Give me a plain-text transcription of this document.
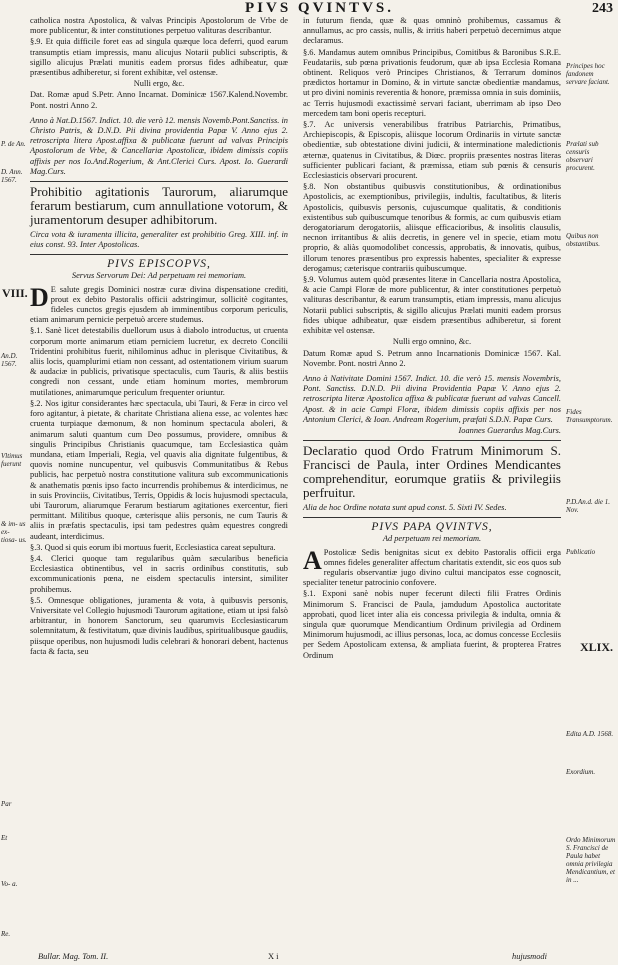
PIVS QVINTVS.	243

catholica nostra Apostolica, & valvas Principis Apostolorum de Vrbe de more publicentur, & inter constitutiones perpetuo valituras describantur.

§.9. Et quia difficile foret eas ad singula quæque loca deferri, quod earum transumptis etiam impressis, manu alicujus Notarii publici subscriptis, & sigillo alicujus Prælati munitis eadem prorsus fides adhibeatur, quæ præsentibus adhiberetur, si forent exhibitæ, vel ostensæ.

Nulli ergo, &c.

Dat. Romæ apud S.Petr. Anno Incarnat. Dominicæ 1567.Kalend.Novembr. Pont. nostri Anno 2.

Anno à Nat.D.1567. Indict. 10. die verò 12. mensis Novemb.Pont.Sanctiss. in Christo Patris, & D.N.D. Pii divina providentia Papæ V. Anno ejus 2. retroscripta litera Apost.affixa & publicatæ fuerunt ad valvas Principis Apostolorum de Vrbe, & Cancellariæ Apostolicæ, ibidem dimissis copiis affixis per nos Io.And.Rogerium, & Ant.Clerici Curs. Apost. Io. Guerardi Mag.Curs.

Prohibitio agitationis Taurorum, aliarumque ferarum bestiarum, cum annullatione votorum, & juramentorum desuper adhibitorum.

Circa vota & iuramenta illicita, generaliter est prohibitio Greg. XIII. inf. in eius const. 93. Inter Apostolicas.

PIVS EPISCOPVS,

Servus Servorum Dei: Ad perpetuam rei memoriam.

D E salute gregis Dominici nostræ curæ divina dispensatione crediti, prout ex debito Pastoralis officii adstringimur, sollicitè cogitantes, fideles cunctos gregis ejusdem ab imminentibus corporum periculis, etiam animarum pernicie perpetuò arcere studemus.

§.1. Sanè licet detestabilis duellorum usus à diabolo introductus, ut cruenta corporum morte animarum etiam perniciem lucretur, ex decreto Concilii Tridentini prohibitus fuerit, nihilominus adhuc in plerisque Civitatibus, & aliis locis, quamplurimi etiam non cessant, ad ostentationem virium suarum & audaciæ in publicis, privatisque spectaculis, cum Tauris, & aliis bestiis congredi non cessant, unde etiam hominum mortes, membrorum mutilationes, animarumque periculum frequenter oriuntur.

§.2. Nos igitur considerantes hæc spectacula, ubi Tauri, & Feræ in circo vel foro agitantur, à pietate, & charitate Christiana aliena esse, ac volentes hæc cruenta turpiaque dæmonum, & non hominum spectacula aboleri, & animarum saluti quantum cum Deo possumus, providere, omnibus & singulis Principibus Christianis quacumque, tam Ecclesiastica quàm mundana, etiam Imperiali, Regia, vel quavis alia dignitate fulgentibus, & quovis nomine nuncupentur, vel quibusvis Communitatibus & Rebus publicis, hac perpetuò nostra constitutione valitura sub excommunicationis & anathematis pœnis ipso facto incurrendis prohibemus & interdicimus, ne in suis Provinciis, Civitatibus, Terris, Oppidis & locis hujusmodi spectacula, ubi Taurorum, aliarumque Ferarum bestiarum agitationes exercentur, fieri permittant. Militibus quoque, cæterisque aliis personis, ne cum Tauris & aliis in præfatis spectaculis, ipsi tam pedestres quàm equestres congredi audeant, interdicimus.

§.3. Quod si quis eorum ibi mortuus fuerit, Ecclesiastica careat sepultura.

§.4. Clerici quoque tam regularibus quàm sæcularibus beneficia Ecclesiastica obtinentibus, vel in sacris ordinibus constitutis, sub excommunicationis pœna, ne eisdem spectaculis intersint, similiter prohibemus.

§.5. Omnesque obligationes, juramenta & vota, à quibusvis personis, Vniversitate vel Collegio hujusmodi Taurorum agitatione, etiam ut ipsi falsò arbitrantur, in honorem Sanctorum, seu quarumvis Ecclesiasticarum solemnitatum, & festivitatum, quæ divinis laudibus, spiritualibusque gaudiis, piisque operibus, non hujusmodi ludis celebrari & honorari debent, hactenus facta & facta, seu

VIII.
Bullar. Mag. Tom. II.	X i

in futurum fienda, quæ & quas omninò prohibemus, cassamus & annullamus, ac pro cassis, nullis, & irritis haberi perpetuò decernimus atque declaramus.

§.6. Mandamus autem omnibus Principibus, Comitibus & Baronibus S.R.E. Feudatariis, sub pœna privationis feudorum, quæ ab ipsa Ecclesia Romana obtinent. Reliquos verò Principes Christianos, & Terrarum dominos prædictos hortamur in Domino, & in virtute sanctæ obedientiæ mandamus, ut pro divini nominis reverentia & honore, præmissa omnia in suis dominiis, ac Terris hujusmodi exactissimè servari faciant, uberrimam ab ipso Deo mercedem tam boni operis recepturi.

§.7. Ac universis venerabilibus fratribus Patriarchis, Primatibus, Archiepiscopis, & Episcopis, aliisque locorum Ordinariis in virtute sanctæ obedientiæ, sub obtestatione divini judicii, & interminatione maledictionis æternæ, quatenus in Civitatibus, & Diœc. propriis præsentes nostras literas sufficienter publicari faciant, & præmissa, etiam sub pœnis & censuris Ecclesiasticis observari procurent.

§.8. Non obstantibus quibusvis constitutionibus, & ordinationibus Apostolicis, ac exemptionibus, privilegiis, indultis, facultatibus, & literis Apostolicis, quibusvis personis, cujuscumque qualitatis, & conditionis existentibus sub quibuscumque tenoribus & formis, ac cum quibusvis etiam derogatoriarum derogatoriis, aliisque efficacioribus, & insolitis clausulis, necnon irritantibus & aliis decretis, in genere vel in specie, etiam motu proprio, & aliàs quomodolibet concessis, approbatis, & innovatis, quibus, illorum tenores præsentibus pro expressis habentes, specialiter & expresse derogamus; cæterisque contrariis quibuscumque.

§.9. Volumus autem quòd præsentes literæ in Cancellaria nostra Apostolica, & acie Campi Floræ de more publicentur, & inter constitutiones perpetuò valituras describantur, & earum transumptis, etiam impressis, manu alicujus Notarii publici subscriptis, & sigillo alicujus Prælati muniti eadem prorsus fides ubique adhibeatur, quæ eisdem præsentibus adhiberetur, si forent exhibitæ vel ostensæ.

Nulli ergo omnino, &c.

Datum Romæ apud S. Petrum anno Incarnationis Dominicæ 1567. Kal. Novembr. Pont. nostri Anno 2.

Anno à Nativitate Domini 1567. Indict. 10. die verò 15. mensis Novembris, Pont. Sanctiss. D.N.D. Pii divina Providentia Papæ V. Anno ejus 2. retroscripta literæ Apostolica affixa & publicatæ fuerunt ad valvas Cancell. Apost. & in acie Campi Floræ, ibidem dimissis copiis affixis per nos Antonium Clerici, & Ioan. Andream Rogerium, præfati S.D.N. Papæ Curs.

Ioannes Guerardus Mag.Curs.

Declaratio quod Ordo Fratrum Minimorum S. Francisci de Paula, inter Ordines Mendicantes comprehenditur, eorumque gratiis & privilegiis perfruitur.

Alia de hoc Ordine notata sunt apud const. 5. Sixti IV. Sedes.

PIVS PAPA QVINTVS,

Ad perpetuam rei memoriam.

A Postolicæ Sedis benignitas sicut ex debito Pastoralis officii erga omnes fideles generaliter affectum charitatis extendit, sic eos quos sub regularis observantiæ jugo divino cultui mancipatos esse cognoscit, specialiter tenetur patrocinio confovere.

§.1. Exponi sanè nobis nuper fecerunt dilecti filii Fratres Ordinis Minimorum S. Francisci de Paula, jamdudum Apostolica auctoritate approbati, quod licet inter alia eis concessa privilegia & indulta, omnia & singula quæ quorumque Mendicantium Ordinum privilegia ad Ordinem Minimorum hujusmodi, ac illius personas, loca, ac domus concesse Ecclesiis per Sedem Apostolicam extensa, & ampliata fuerint, & propterea Fratres Ordinum

XLIX.
hujusmodi
P. de An.
D. Ann. 1567.
An.D. 1567.
Vltimus fuerunt
& im- us ex- tiosa- us.
Par
Et
Vo- a.
Re.
Principes hoc fandonem servare faciant.
Prælati sub censuris observari procurent.
Quibus non obstantibus.
Fides Transumptorum.
P.D.An.d. die 1. Nov.
Publicatio
Edita A.D. 1568.
Exordium.
Ordo Minimorum S. Francisci de Paula habet omnia privilegia Mendicantium, et in ...
